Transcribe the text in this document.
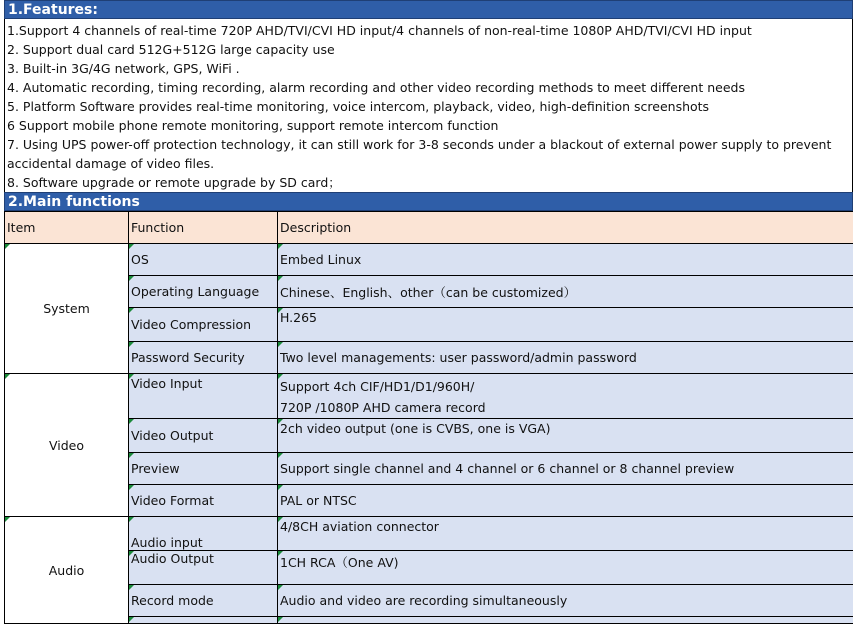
1.Features:
1.Support 4 channels of real-time 720P AHD/TVI/CVI HD input/4 channels of non-real-time 1080P AHD/TVI/CVI HD input
2. Support dual card 512G+512G large capacity use
3. Built-in 3G/4G network, GPS, WiFi .
4. Automatic recording, timing recording, alarm recording and other video recording methods to meet different needs
5. Platform Software provides real-time monitoring, voice intercom, playback, video, high-definition screenshots
6 Support mobile phone remote monitoring, support remote intercom function
7. Using UPS power-off protection technology, it can still work for 3-8 seconds under a blackout of external power supply to prevent accidental damage of video files.
8. Software upgrade or remote upgrade by SD card；
2.Main functions
Item	Function	Description
System	OS	Embed Linux
	Operating Language	Chinese、English、other（can be customized）
	Video Compression	H.265
	Password Security	Two level managements: user password/admin password
Video	Video Input	Support 4ch CIF/HD1/D1/960H/
720P /1080P AHD camera record

	Video Output	2ch video output (one is CVBS, one is VGA)
	Preview	Support single channel and 4 channel or 6 channel or 8 channel preview
	Video Format	PAL or NTSC
Audio	Audio input	4/8CH aviation connector
	Audio Output	1CH RCA（One AV)
	Record mode	Audio and video are recording simultaneously
